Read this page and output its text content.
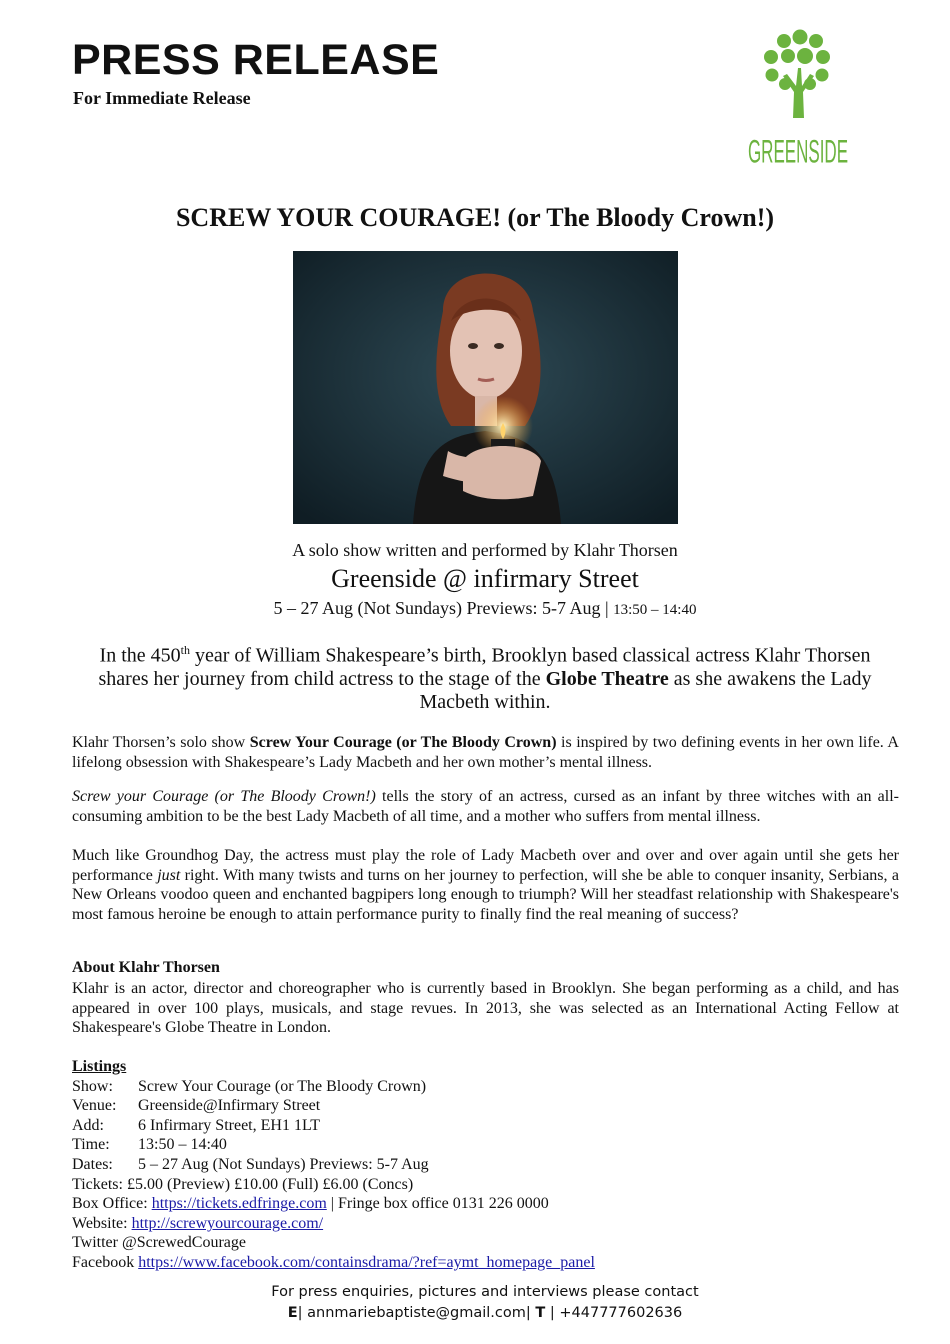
PRESS RELEASE
For Immediate Release
GREENSIDE
SCREW YOUR COURAGE! (or The Bloody Crown!)
A solo show written and performed by Klahr Thorsen
Greenside @ infirmary Street
5 – 27 Aug (Not Sundays) Previews: 5-7 Aug | 13:50 – 14:40
In the 450th year of William Shakespeare’s birth, Brooklyn based classical actress Klahr Thorsen shares her journey from child actress to the stage of the Globe Theatre as she awakens the Lady Macbeth within.
Klahr Thorsen’s solo show Screw Your Courage (or The Bloody Crown) is inspired by two defining events in her own life. A lifelong obsession with Shakespeare’s Lady Macbeth and her own mother’s mental illness.
Screw your Courage (or The Bloody Crown!) tells the story of an actress, cursed as an infant by three witches with an all-consuming ambition to be the best Lady Macbeth of all time, and a mother who suffers from mental illness.
Much like Groundhog Day, the actress must play the role of Lady Macbeth over and over and over again until she gets her performance just right. With many twists and turns on her journey to perfection, will she be able to conquer insanity, Serbians, a New Orleans voodoo queen and enchanted bagpipers long enough to triumph? Will her steadfast relationship with Shakespeare's most famous heroine be enough to attain performance purity to finally find the real meaning of success?
About Klahr Thorsen
Klahr is an actor, director and choreographer who is currently based in Brooklyn. She began performing as a child, and has appeared in over 100 plays, musicals, and stage revues. In 2013, she was selected as an International Acting Fellow at Shakespeare's Globe Theatre in London.
Listings
Show: Screw Your Courage (or The Bloody Crown)
Venue: Greenside@Infirmary Street
Add: 6 Infirmary Street, EH1 1LT
Time: 13:50 – 14:40
Dates: 5 – 27 Aug (Not Sundays) Previews: 5-7 Aug
Tickets: £5.00 (Preview) £10.00 (Full) £6.00 (Concs)
Box Office: https://tickets.edfringe.com | Fringe box office 0131 226 0000
Website: http://screwyourcourage.com/
Twitter @ScrewedCourage
Facebook https://www.facebook.com/containsdrama/?ref=aymt_homepage_panel
For press enquiries, pictures and interviews please contact
E| annmariebaptiste@gmail.com| T | +447777602636
